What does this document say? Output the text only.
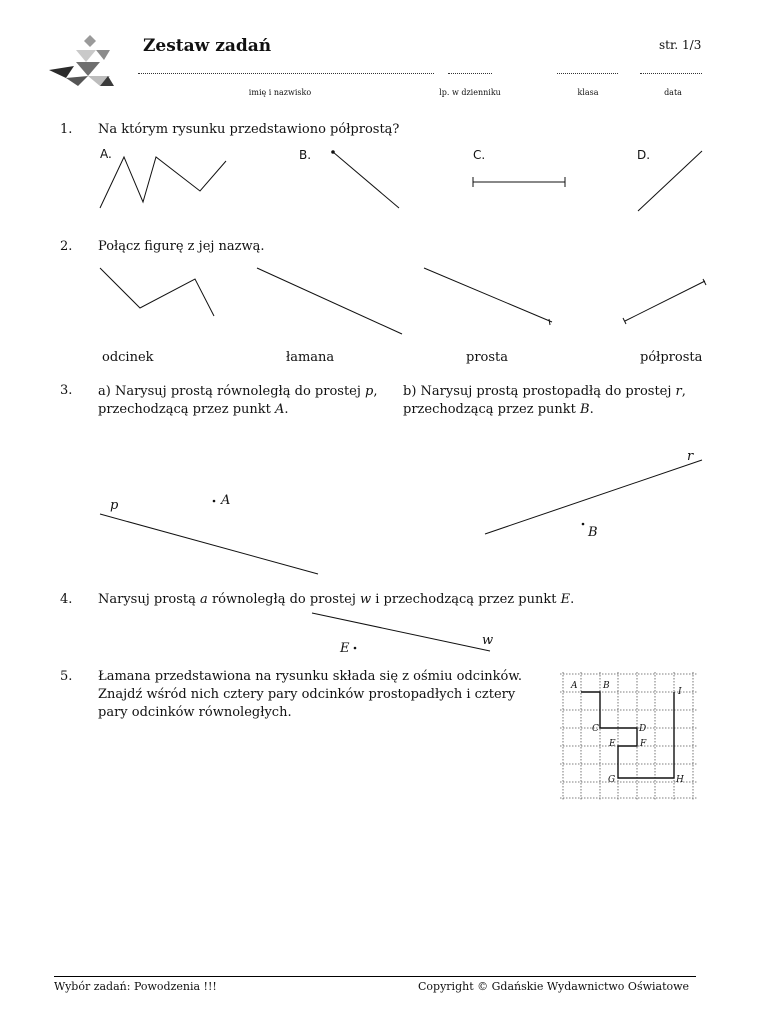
Zestaw zadań	str. 1/3
imię i nazwisko	lp. w dzienniku	klasa	data
1. Na którym rysunku przedstawiono półprostą?
A.	B.	C.	D.
2. Połącz figurę z jej nazwą.
odcinek	łamana	prosta	półprosta
3. a) Narysuj prostą równoległą do prostej p,
przechodzącą przez punkt A.
b) Narysuj prostą prostopadłą do prostej r,
przechodzącą przez punkt B.
p	A
r
B
4. Narysuj prostą a równoległą do prostej w i przechodzącą przez punkt E.
E
w
5. Łamana przedstawiona na rysunku składa się z ośmiu odcinków.
Znajdź wśród nich cztery pary odcinków prostopadłych i cztery
pary odcinków równoległych.
A	B
I
C	D
E	F
G	H
Wybór zadań: Powodzenia !!!	Copyright © Gdańskie Wydawnictwo Oświatowe
